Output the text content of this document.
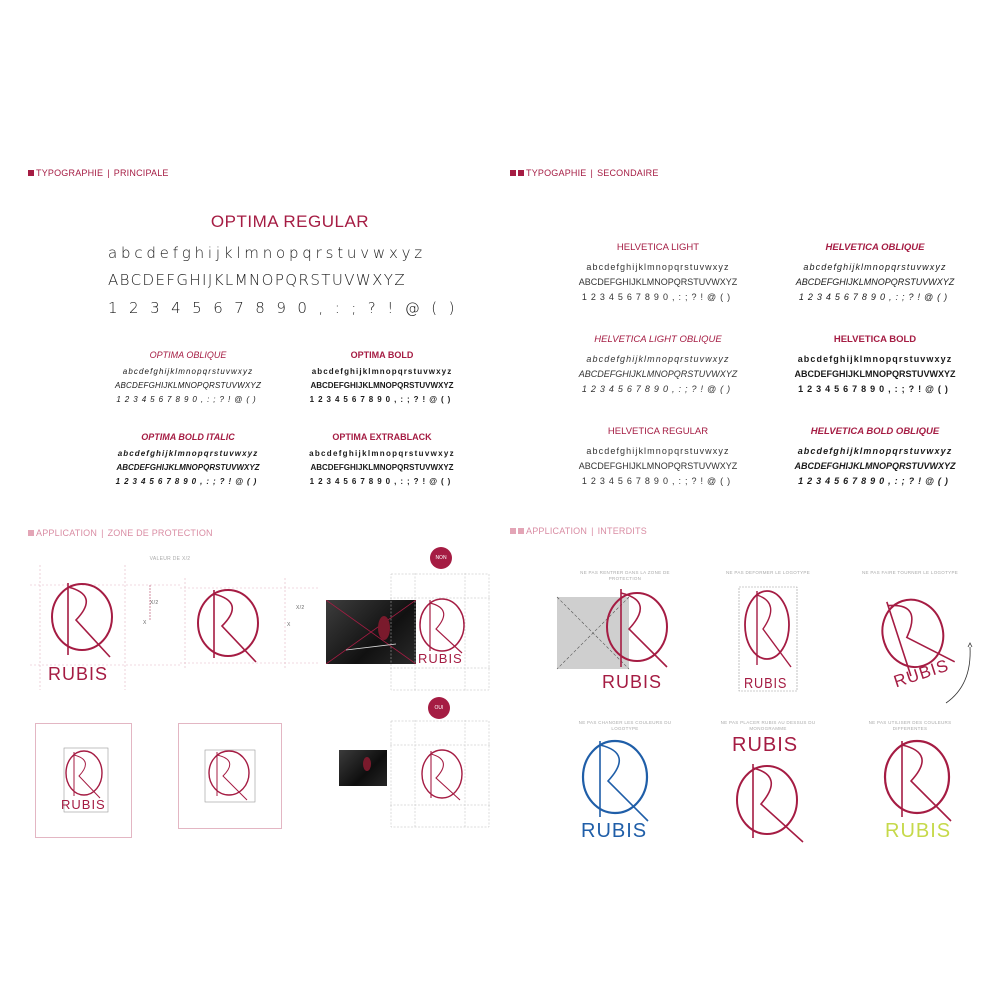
TYPOGRAPHIE | PRINCIPALE	TYPOGAPHIE | SECONDAIRE
APPLICATION | ZONE DE PROTECTION	APPLICATION | INTERDITS
OPTIMA REGULAR
abcdefghijklmnopqrstuvwxyz
ABCDEFGHIJKLMNOPQRSTUVWXYZ
1234567890,:;?!@()
OPTIMA OBLIQUE
abcdefghijklmnopqrstuvwxyz
ABCDEFGHIJKLMNOPQRSTUVWXYZ
1234567890,:;?!@()
OPTIMA BOLD
abcdefghijklmnopqrstuvwxyz
ABCDEFGHIJKLMNOPQRSTUVWXYZ
1234567890,:;?!@()
OPTIMA BOLD ITALIC
abcdefghijklmnopqrstuvwxyz
ABCDEFGHIJKLMNOPQRSTUVWXYZ
1234567890,:;?!@()
OPTIMA EXTRABLACK
abcdefghijklmnopqrstuvwxyz
ABCDEFGHIJKLMNOPQRSTUVWXYZ
1234567890,:;?!@()
HELVETICA LIGHT
abcdefghijklmnopqrstuvwxyz
ABCDEFGHIJKLMNOPQRSTUVWXYZ
1234567890,:;?!@()
HELVETICA OBLIQUE
abcdefghijklmnopqrstuvwxyz
ABCDEFGHIJKLMNOPQRSTUVWXYZ
1234567890,:;?!@()
HELVETICA LIGHT OBLIQUE
abcdefghijklmnopqrstuvwxyz
ABCDEFGHIJKLMNOPQRSTUVWXYZ
1234567890,:;?!@()
HELVETICA BOLD
abcdefghijklmnopqrstuvwxyz
ABCDEFGHIJKLMNOPQRSTUVWXYZ
1234567890,:;?!@()
HELVETICA REGULAR
abcdefghijklmnopqrstuvwxyz
ABCDEFGHIJKLMNOPQRSTUVWXYZ
1234567890,:;?!@()
HELVETICA BOLD OBLIQUE
abcdefghijklmnopqrstuvwxyz
ABCDEFGHIJKLMNOPQRSTUVWXYZ
1234567890,:;?!@()
VALEUR DE X/2
X/2
X
RUBIS
X/2
X
NON
RUBIS
OUI
RUBIS
NE PAS RENTRER DANS LA ZONE DE PROTECTION
NE PAS DEFORMER LE LOGOTYPE	NE PAS FAIRE TOURNER LE LOGOTYPE
NE PAS CHANGER LES COULEURS DU LOGOTYPE
NE PAS PLACER RUBIS AU DESSUS DU MONOGRAMME
NE PAS UTILISER DES COULEURS DIFFERENTES
RUBIS	RUBIS	RUBIS
RUBIS
RUBIS
RUBIS
